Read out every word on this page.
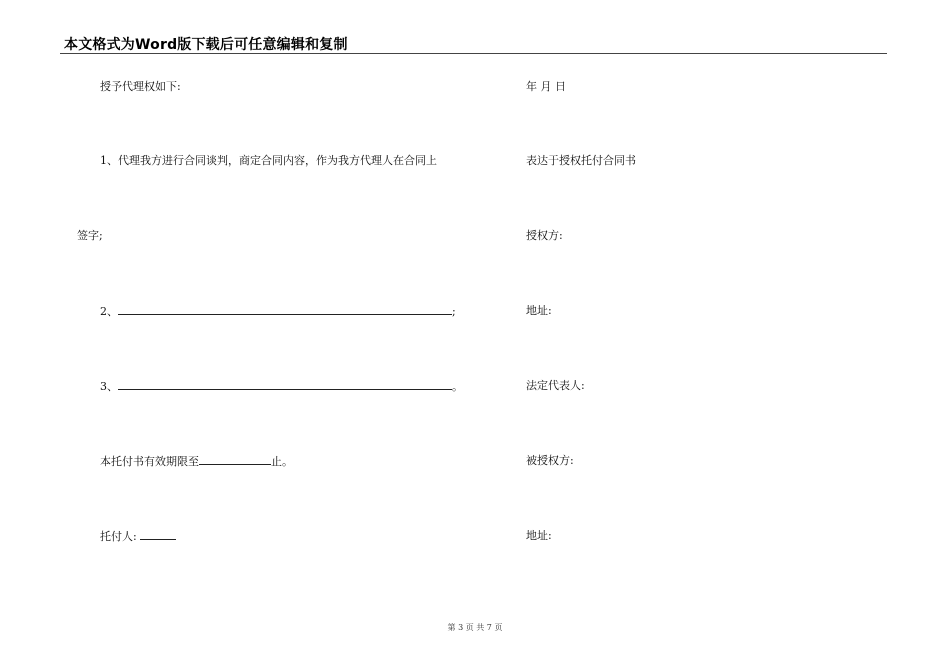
本文格式为Word版下载后可任意编辑和复制
授予代理权如下:
1、代理我方进行合同谈判，商定合同内容，作为我方代理人在合同上
签字;
2、	;
3、	。
本托付书有效期限至	止。
托付人:
年 月 日
表达于授权托付合同书
授权方:
地址:
法定代表人:
被授权方:
地址:
第 3 页 共 7 页
